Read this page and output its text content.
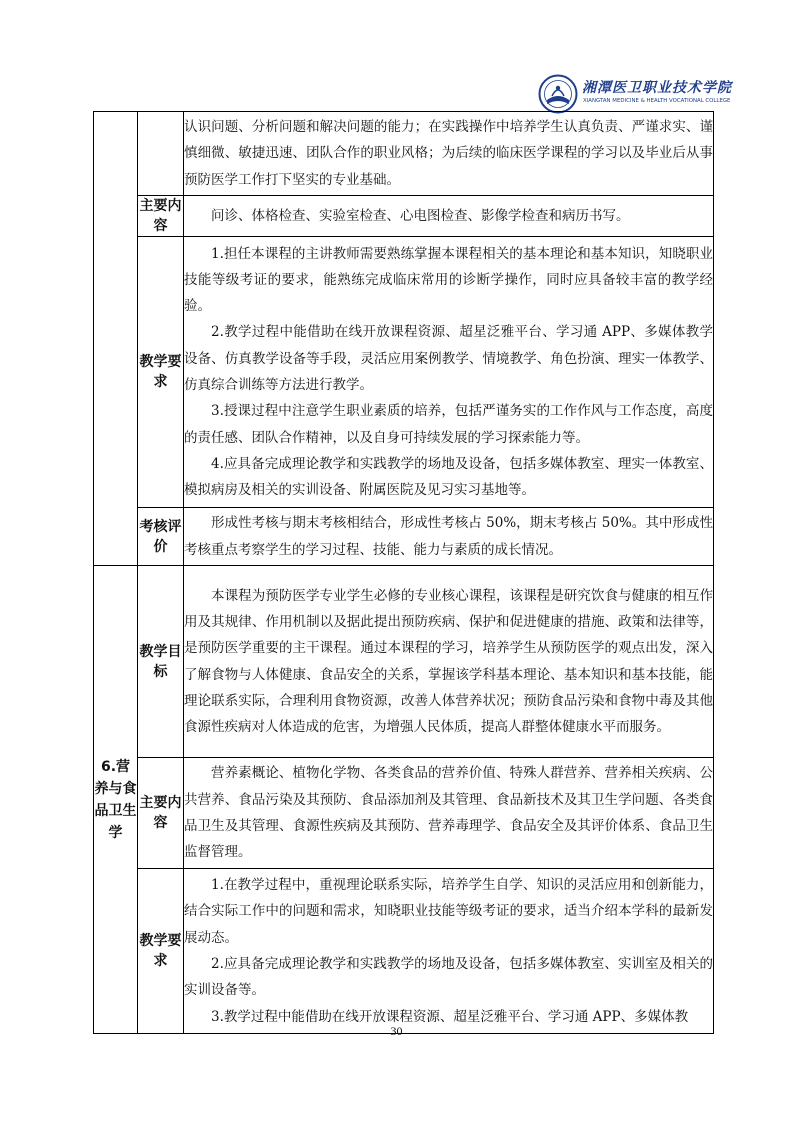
湘潭医卫职业技术学院
XIANGTAN MEDICINE & HEALTH VOCATIONAL COLLEGE

		认识问题、分析问题和解决问题的能力；在实践操作中培养学生认真负责、严谨求实、谨慎细微、敏捷迅速、团队合作的职业风格；为后续的临床医学课程的学习以及毕业后从事预防医学工作打下坚实的专业基础。

	主要内容	问诊、体格检查、实验室检查、心电图检查、影像学检查和病历书写。

	教学要求	1.担任本课程的主讲教师需要熟练掌握本课程相关的基本理论和基本知识，知晓职业技能等级考证的要求，能熟练完成临床常用的诊断学操作，同时应具备较丰富的教学经验。

2.教学过程中能借助在线开放课程资源、超星泛雅平台、学习通 APP、多媒体教学设备、仿真教学设备等手段，灵活应用案例教学、情境教学、角色扮演、理实一体教学、仿真综合训练等方法进行教学。

3.授课过程中注意学生职业素质的培养，包括严谨务实的工作作风与工作态度，高度的责任感、团队合作精神，以及自身可持续发展的学习探索能力等。

4.应具备完成理论教学和实践教学的场地及设备，包括多媒体教室、理实一体教室、模拟病房及相关的实训设备、附属医院及见习实习基地等。

	考核评价	形成性考核与期末考核相结合，形成性考核占 50%，期末考核占 50%。其中形成性考核重点考察学生的学习过程、技能、能力与素质的成长情况。

6.营养与食品卫生学	教学目标	本课程为预防医学专业学生必修的专业核心课程，该课程是研究饮食与健康的相互作用及其规律、作用机制以及据此提出预防疾病、保护和促进健康的措施、政策和法律等，是预防医学重要的主干课程。通过本课程的学习，培养学生从预防医学的观点出发，深入了解食物与人体健康、食品安全的关系，掌握该学科基本理论、基本知识和基本技能，能理论联系实际，合理利用食物资源，改善人体营养状况；预防食品污染和食物中毒及其他食源性疾病对人体造成的危害，为增强人民体质，提高人群整体健康水平而服务。

	主要内容	营养素概论、植物化学物、各类食品的营养价值、特殊人群营养、营养相关疾病、公共营养、食品污染及其预防、食品添加剂及其管理、食品新技术及其卫生学问题、各类食品卫生及其管理、食源性疾病及其预防、营养毒理学、食品安全及其评价体系、食品卫生监督管理。

	教学要求	1.在教学过程中，重视理论联系实际，培养学生自学、知识的灵活应用和创新能力，结合实际工作中的问题和需求，知晓职业技能等级考证的要求，适当介绍本学科的最新发展动态。

2.应具备完成理论教学和实践教学的场地及设备，包括多媒体教室、实训室及相关的实训设备等。

3.教学过程中能借助在线开放课程资源、超星泛雅平台、学习通 APP、多媒体教

30
